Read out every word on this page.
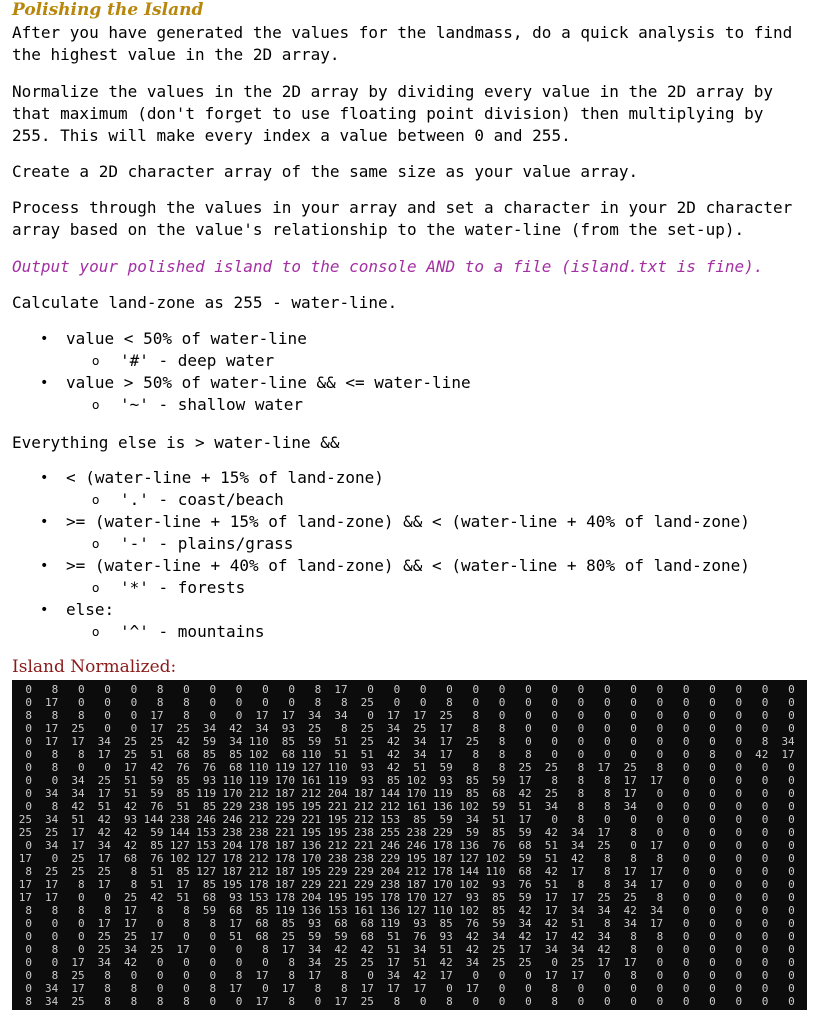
Polishing the Island
After you have generated the values for the landmass, do a quick analysis to find
the highest value in the 2D array.
Normalize the values in the 2D array by dividing every value in the 2D array by
that maximum (don't forget to use floating point division) then multiplying by
255. This will make every index a value between 0 and 255.
Create a 2D character array of the same size as your value array.
Process through the values in your array and set a character in your 2D character
array based on the value's relationship to the water-line (from the set-up).
Output your polished island to the console AND to a file (island.txt is fine).
Calculate land-zone as 255 - water-line.
• value < 50% of water-line
o '#' - deep water
• value > 50% of water-line && <= water-line
o '~' - shallow water
Everything else is > water-line &&
• < (water-line + 15% of land-zone)
o '.' - coast/beach
• >= (water-line + 15% of land-zone) && < (water-line + 40% of land-zone)
o '-' - plains/grass
• >= (water-line + 40% of land-zone) && < (water-line + 80% of land-zone)
o '*' - forests
• else:
o '^' - mountains
Island Normalized:
0	8	0	0	0	8	0	0	0	0	0	8	17	0	0	0	0	0	0	0	0	0	0	0	0	0	0	0	0	0
0	17	0	0	0	8	8	0	0	0	0	8	8	25	0	0	8	0	0	0	0	0	0	0	0	0	0	0	0	0
8	8	8	0	0	17	8	0	0	17	17	34	34	0	17	17	25	8	0	0	0	0	0	0	0	0	0	0	0	0
0	17	25	0	0	17	25	34	42	34	93	25	8	25	34	25	17	8	8	0	0	0	0	0	0	0	0	0	0	0
0	17	17	34	25	25	42	59	34 110	85	59	51	25	42	34	17	25	8	0	0	0	0	0	0	0	0	0	8	34
0	8	8	17	25	51	68	85	85 102	68 110	51	51	42	34	17	8	8	8	0	0	0	0	0	0	8	0	42	17
0	8	0	0	17	42	76	76	68 110 119 127 110	93	42	51	59	8	8	25	25	8	17	25	8	0	0	0	0	0
0	0	34	25	51	59	85	93 110 119 170 161 119	93	85 102	93	85	59	17	8	8	8	17	17	0	0	0	0	0
0	34	34	17	51	59	85 119 170 212 187 212 204 187 144 170 119	85	68	42	25	8	8	17	0	0	0	0	0	0
0	8	42	51	42	76	51	85 229 238 195 195 221 212 212 161 136 102	59	51	34	8	8	34	0	0	0	0	0	0
25	34	51	42	93 144 238 246 246 212 229 221 195 212 153	85	59	34	51	17	0	8	0	0	0	0	0	0	0	0
25	25	17	42	42	59 144 153 238 238 221 195 195 238 255 238 229	59	85	59	42	34	17	8	0	0	0	0	0	0
0	34	17	34	42	85 127 153 204 178 187 136 212 221 246 246 178 136	76	68	51	34	25	0	17	0	0	0	0	0
17	0	25	17	68	76 102 127 178 212 178 170 238 238 229 195 187 127 102	59	51	42	8	8	8	0	0	0	0	0
8	25	25	25	8	51	85 127 187 212 187 195 229 229 204 212 178 144 110	68	42	17	8	17	17	0	0	0	0	0
17	17	8	17	8	51	17	85 195 178 187 229 221 229 238 187 170 102	93	76	51	8	8	34	17	0	0	0	0	0
17	17	0	0	25	42	51	68	93 153 178 204 195 195 178 170 127	93	85	59	17	17	25	25	8	0	0	0	0	0
8	8	8	8	17	8	8	59	68	85 119 136 153 161 136 127 110 102	85	42	17	34	34	42	34	0	0	0	0	0
0	0	0	17	17	0	8	8	17	68	85	93	68	68 119	93	85	76	59	34	42	51	8	34	17	0	0	0	0	0
0	0	0	25	25	17	0	0	51	68	25	59	59	68	51	76	93	42	34	42	17	42	34	8	8	0	0	0	0	0
0	8	0	25	34	25	17	0	0	8	17	34	42	42	51	34	51	42	25	17	34	34	42	8	0	0	0	0	0	0
0	0	17	34	42	0	0	0	0	0	8	34	25	25	17	51	42	34	25	25	0	25	17	17	0	0	0	0	0	0
0	8	25	8	0	0	0	0	8	17	8	17	8	0	34	42	17	0	0	0	17	17	0	8	0	0	0	0	0	0
0	34	17	8	8	0	0	8	17	0	17	8	8	17	17	17	0	17	0	0	8	0	0	0	0	0	0	0	0	0
8	34	25	8	8	8	8	0	0	17	8	0	17	25	8	0	8	0	0	0	8	0	0	0	0	0	0	0	0	0
